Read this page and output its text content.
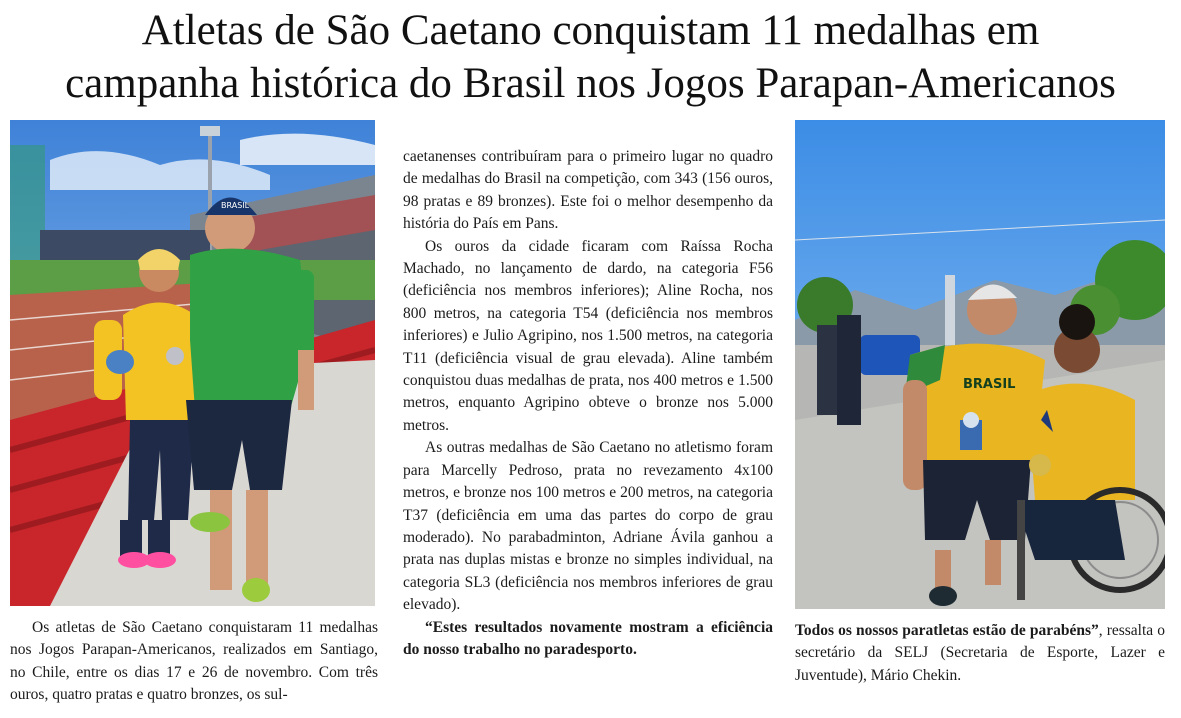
Atletas de São Caetano conquistam 11 medalhas em
campanha histórica do Brasil nos Jogos Parapan-Americanos
BRASIL
BRASIL

Os atletas de São Caetano conquistaram 11 medalhas nos Jogos Parapan-Americanos, realizados em Santiago, no Chile, entre os dias 17 e 26 de novembro. Com três ouros, quatro pratas e quatro bronzes, os sul-

caetanenses contribuíram para o primeiro lugar no quadro de medalhas do Brasil na competição, com 343 (156 ouros, 98 pratas e 89 bronzes). Este foi o melhor desempenho da história do País em Pans.

Os ouros da cidade ficaram com Raíssa Rocha Machado, no lançamento de dardo, na categoria F56 (deficiência nos membros inferiores); Aline Rocha, nos 800 metros, na categoria T54 (deficiência nos membros inferiores) e Julio Agripino, nos 1.500 metros, na categoria T11 (deficiência visual de grau elevada). Aline também conquistou duas medalhas de prata, nos 400 metros e 1.500 metros, enquanto Agripino obteve o bronze nos 5.000 metros.

As outras medalhas de São Caetano no atletismo foram para Marcelly Pedroso, prata no revezamento 4x100 metros, e bronze nos 100 metros e 200 metros, na categoria T37 (deficiência em uma das partes do corpo de grau moderado). No parabadminton, Adriane Ávila ganhou a prata nas duplas mistas e bronze no simples individual, na categoria SL3 (deficiência nos membros inferiores de grau elevado).

“Estes resultados novamente mostram a eficiência do nosso trabalho no paradesporto.

Todos os nossos paratletas estão de parabéns”, ressalta o secretário da SELJ (Secretaria de Esporte, Lazer e Juventude), Mário Chekin.
